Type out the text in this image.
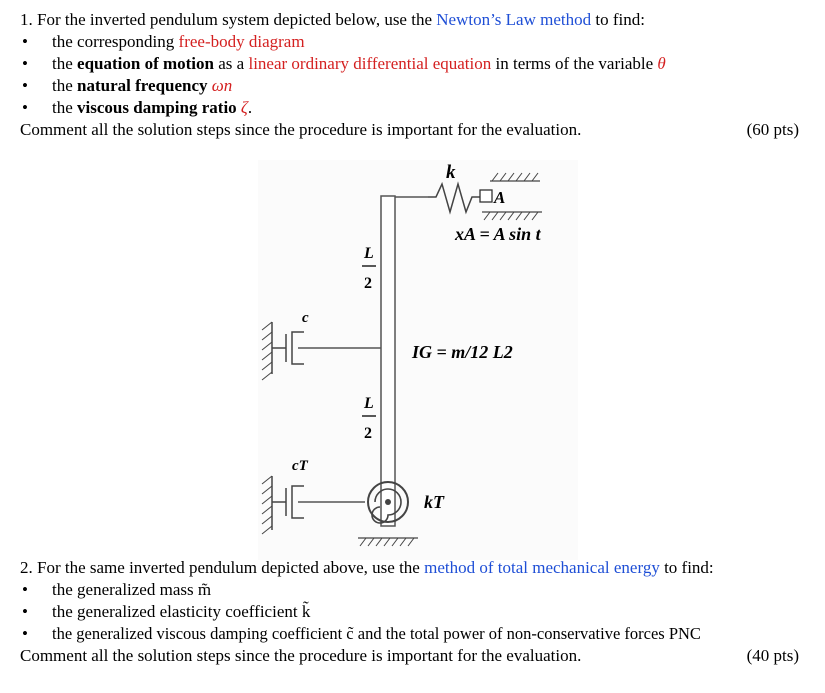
1. For the inverted pendulum system depicted below, use the Newton’s Law method to find:
• the corresponding free-body diagram
• the equation of motion as a linear ordinary differential equation in terms of the variable θ
• the natural frequency ωn
• the viscous damping ratio ζ.
Comment all the solution steps since the procedure is important for the evaluation.	(60 pts)
k
A
xA = A sin t
L
2
IG = m/12 L2
c
L
2
cT
kT
2. For the same inverted pendulum depicted above, use the method of total mechanical energy to find:
• the generalized mass m̃
• the generalized elasticity coefficient k̃
• the generalized viscous damping coefficient c̃ and the total power of non-conservative forces PNC
Comment all the solution steps since the procedure is important for the evaluation.	(40 pts)
